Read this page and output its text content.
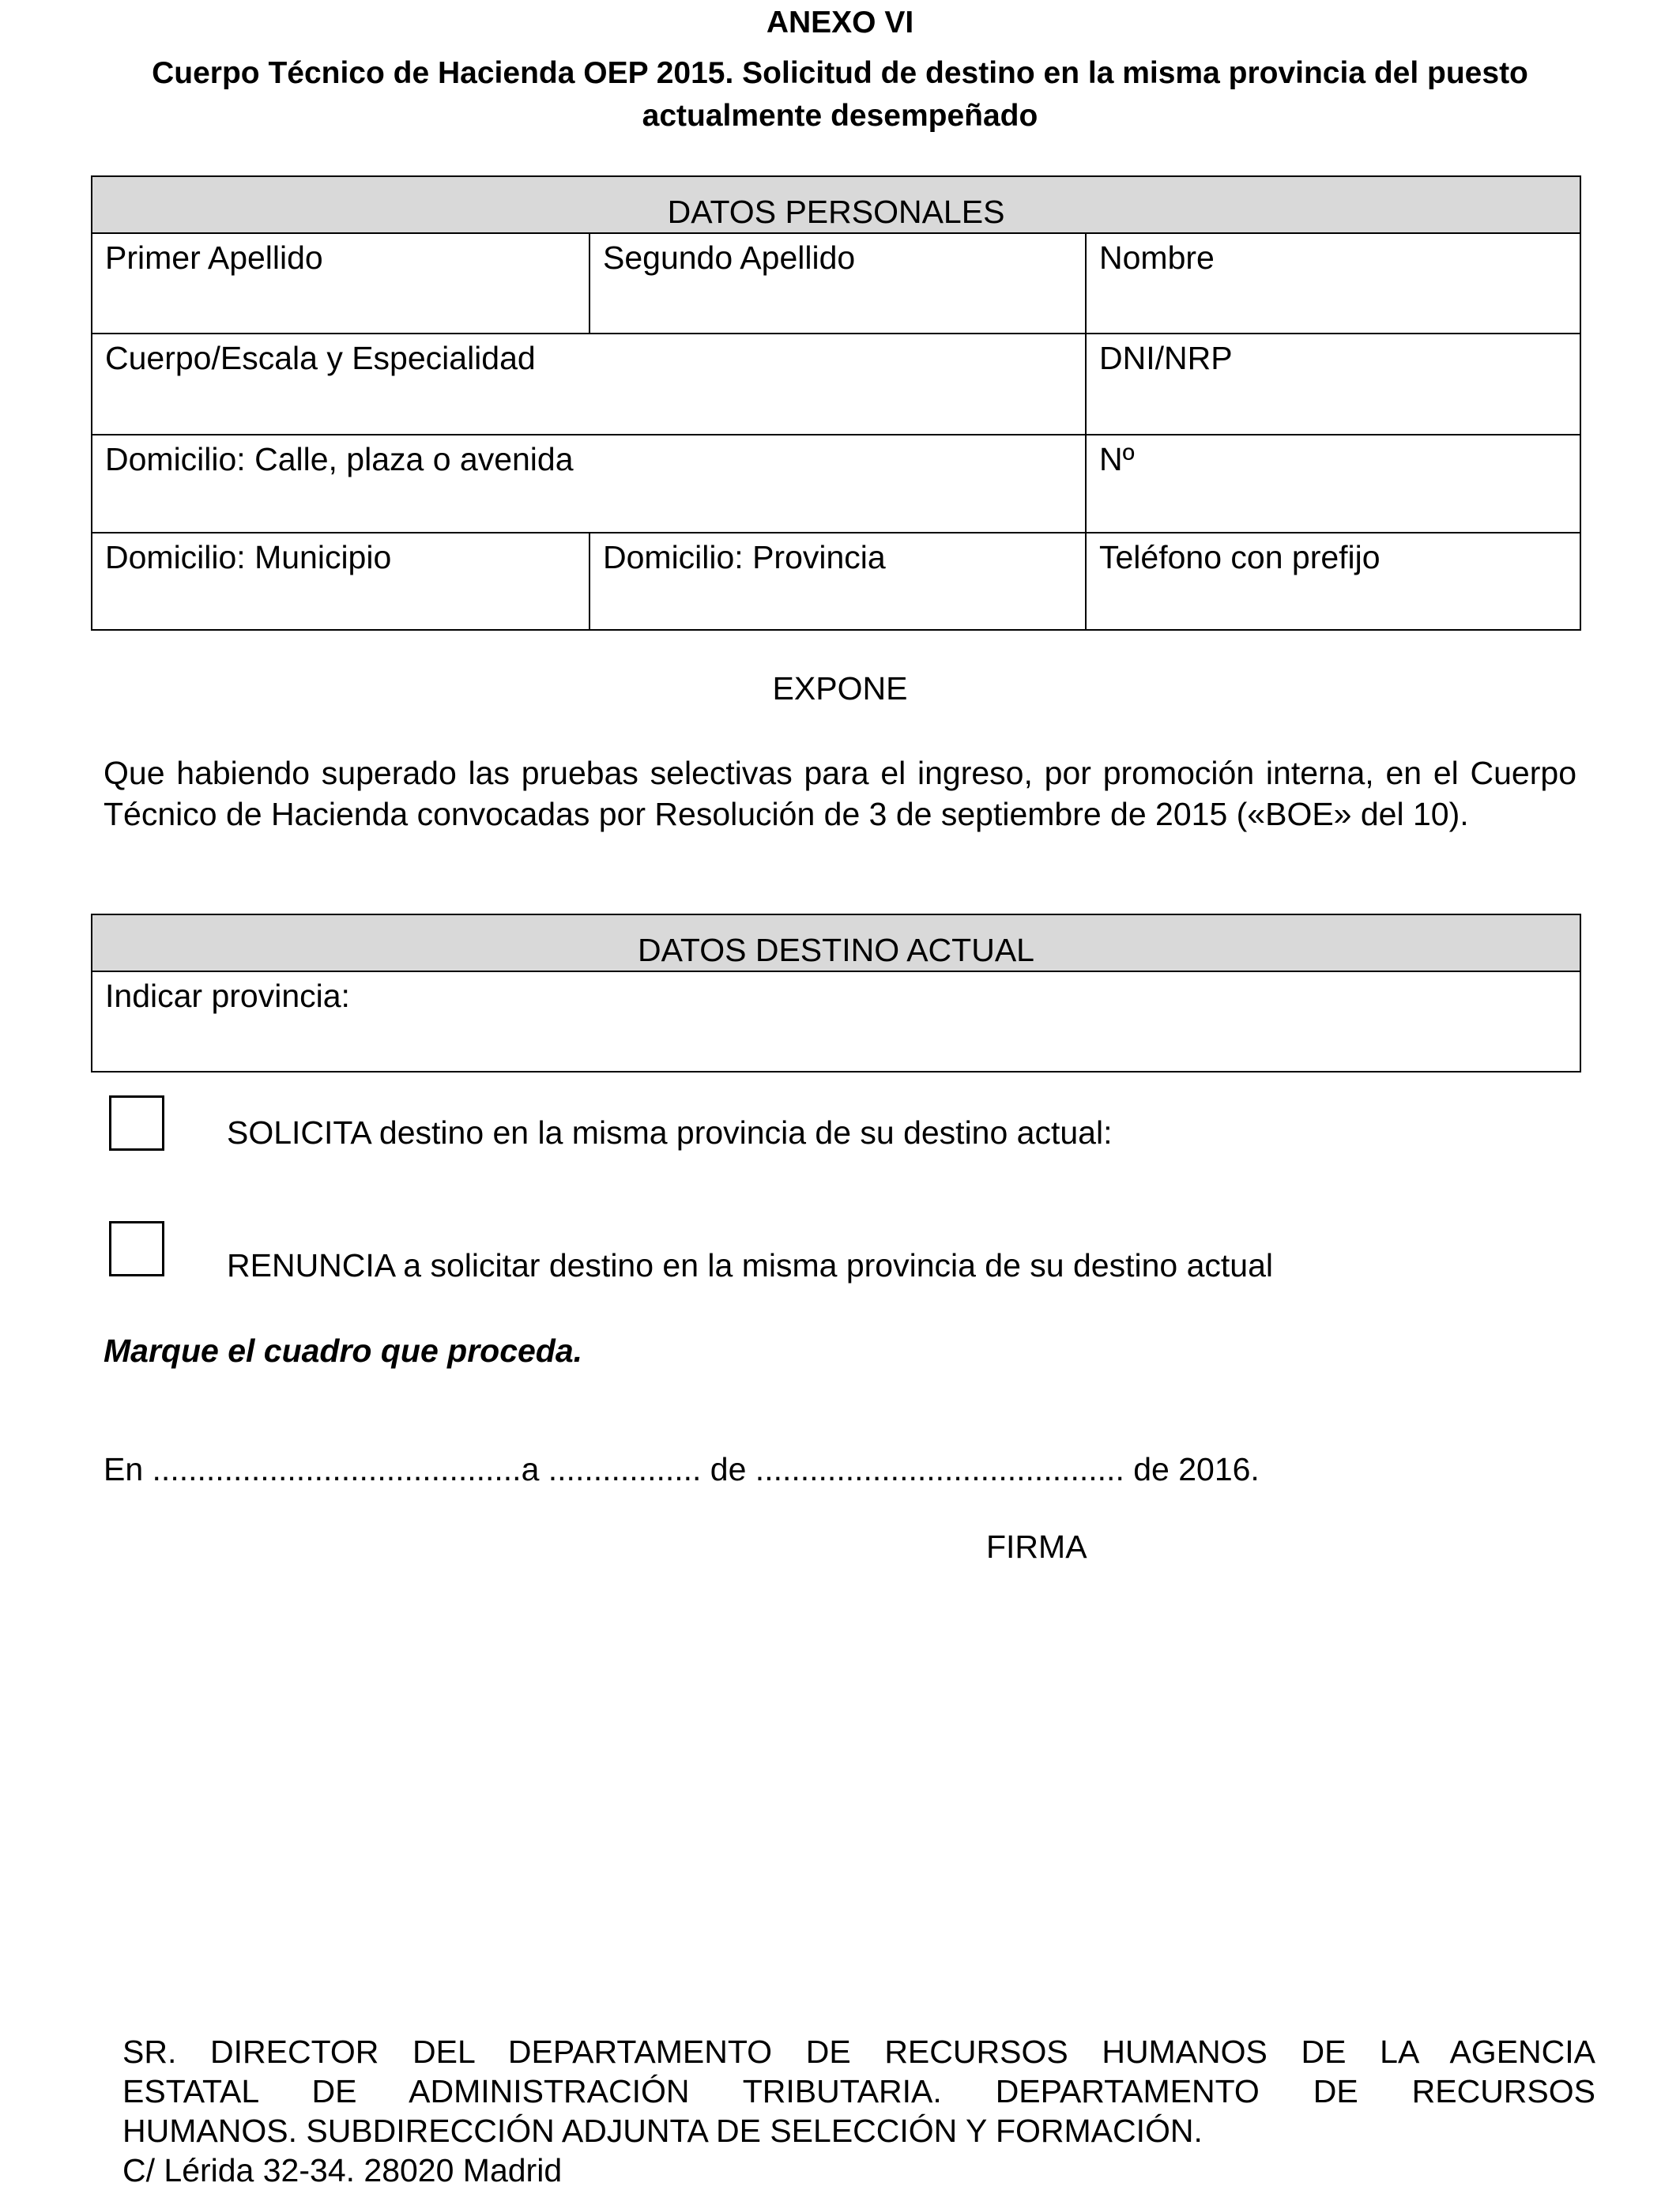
ANEXO VI
Cuerpo Técnico de Hacienda OEP 2015. Solicitud de destino en la misma provincia del puesto actualmente desempeñado
DATOS PERSONALES		
Primer Apellido	Segundo Apellido	Nombre
Cuerpo/Escala y Especialidad		DNI/NRP
Domicilio: Calle, plaza o avenida		Nº
Domicilio: Municipio	Domicilio: Provincia	Teléfono con prefijo
EXPONE
Que habiendo superado las pruebas selectivas para el ingreso, por promoción interna, en el Cuerpo Técnico de Hacienda convocadas por Resolución de 3 de septiembre de 2015 («BOE» del 10).
DATOS DESTINO ACTUAL
Indicar provincia:
SOLICITA destino en la misma provincia de su destino actual:
RENUNCIA a solicitar destino en la misma provincia de su destino actual
Marque el cuadro que proceda.
En .........................................a ................. de ......................................... de 2016.
FIRMA
SR. DIRECTOR DEL DEPARTAMENTO DE RECURSOS HUMANOS DE LA AGENCIA
ESTATAL DE ADMINISTRACIÓN TRIBUTARIA. DEPARTAMENTO DE RECURSOS
HUMANOS. SUBDIRECCIÓN ADJUNTA DE SELECCIÓN Y FORMACIÓN.
C/ Lérida 32-34. 28020 Madrid
